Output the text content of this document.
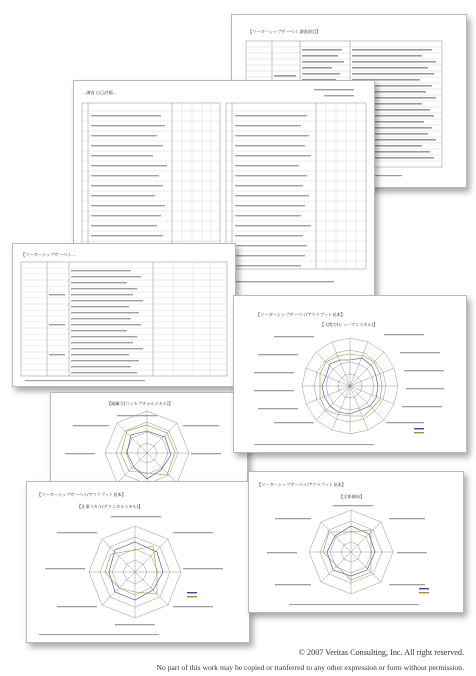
【リーダーシップサーベイ 調査項目】
…調査 自己評価…
【リーダーシップサーベイ…
【組織力(コンセプチャルスキル)】
【リーダーシップサーベイ/アウトプット見本】
【人間力(ヒューマンスキル)】
【リーダーシップサーベイ/アウトプット見本】
【仕事スキル(テクニカルスキル)】
【リーダーシップサーベイ/アウトプット見本】
【全体傾向】
© 2007 Veritas Consulting, Inc. All right reserved.
No part of this work may be copied or tranferred to any other expression or form without permission.
